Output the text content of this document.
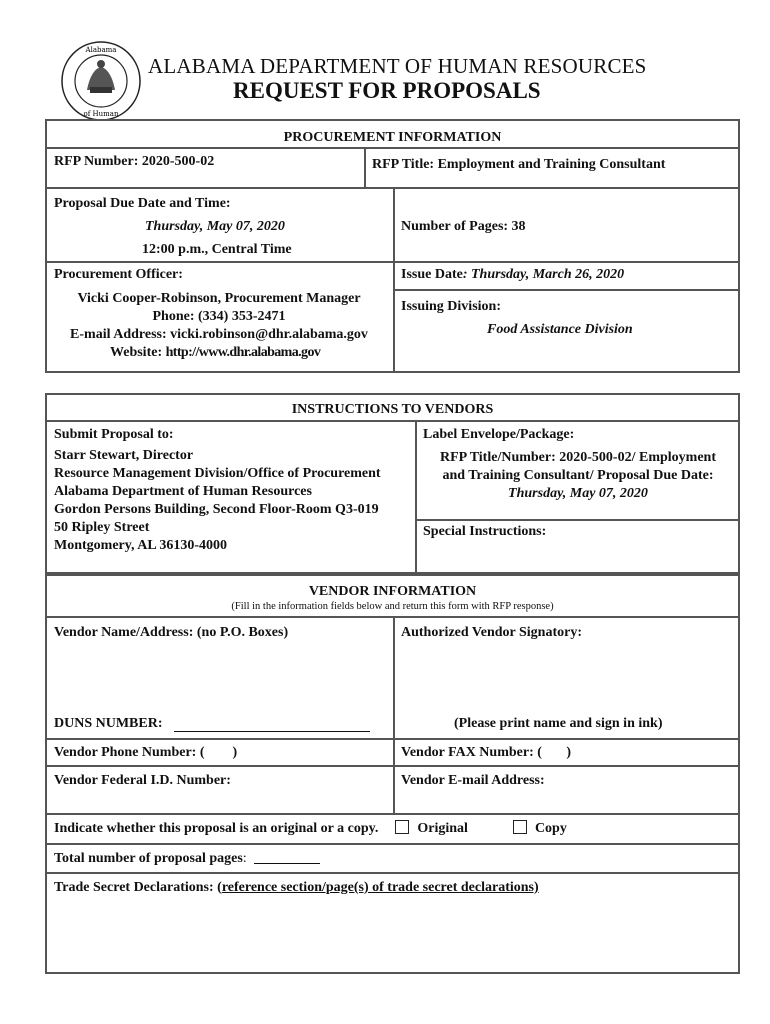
Alabama
of Human
ALABAMA DEPARTMENT OF HUMAN RESOURCES
REQUEST FOR PROPOSALS
PROCUREMENT INFORMATION
RFP Number: 2020-500-02	RFP Title: Employment and Training Consultant
Proposal Due Date and Time:
Thursday, May 07, 2020
12:00 p.m., Central Time
Number of Pages: 38
Procurement Officer:
Vicki Cooper-Robinson, Procurement Manager
Phone: (334) 353-2471
E-mail Address: vicki.robinson@dhr.alabama.gov
Website: http://www.dhr.alabama.gov
Issue Date: Thursday, March 26, 2020
Issuing Division:
Food Assistance Division
INSTRUCTIONS TO VENDORS
Submit Proposal to:
Starr Stewart, Director
Resource Management Division/Office of Procurement
Alabama Department of Human Resources
Gordon Persons Building, Second Floor-Room Q3-019
50 Ripley Street
Montgomery, AL 36130-4000
Label Envelope/Package:
RFP Title/Number: 2020-500-02/ Employment
and Training Consultant/ Proposal Due Date:
Thursday, May 07, 2020
Special Instructions:
VENDOR INFORMATION
(Fill in the information fields below and return this form with RFP response)
Vendor Name/Address: (no P.O. Boxes)	Authorized Vendor Signatory:
DUNS NUMBER:	(Please print name and sign in ink)
Vendor Phone Number: (        )	Vendor FAX Number: (       )
Vendor Federal I.D. Number:	Vendor E-mail Address:
Indicate whether this proposal is an original or a copy.	Original	Copy
Total number of proposal pages:
Trade Secret Declarations: (reference section/page(s) of trade secret declarations)
